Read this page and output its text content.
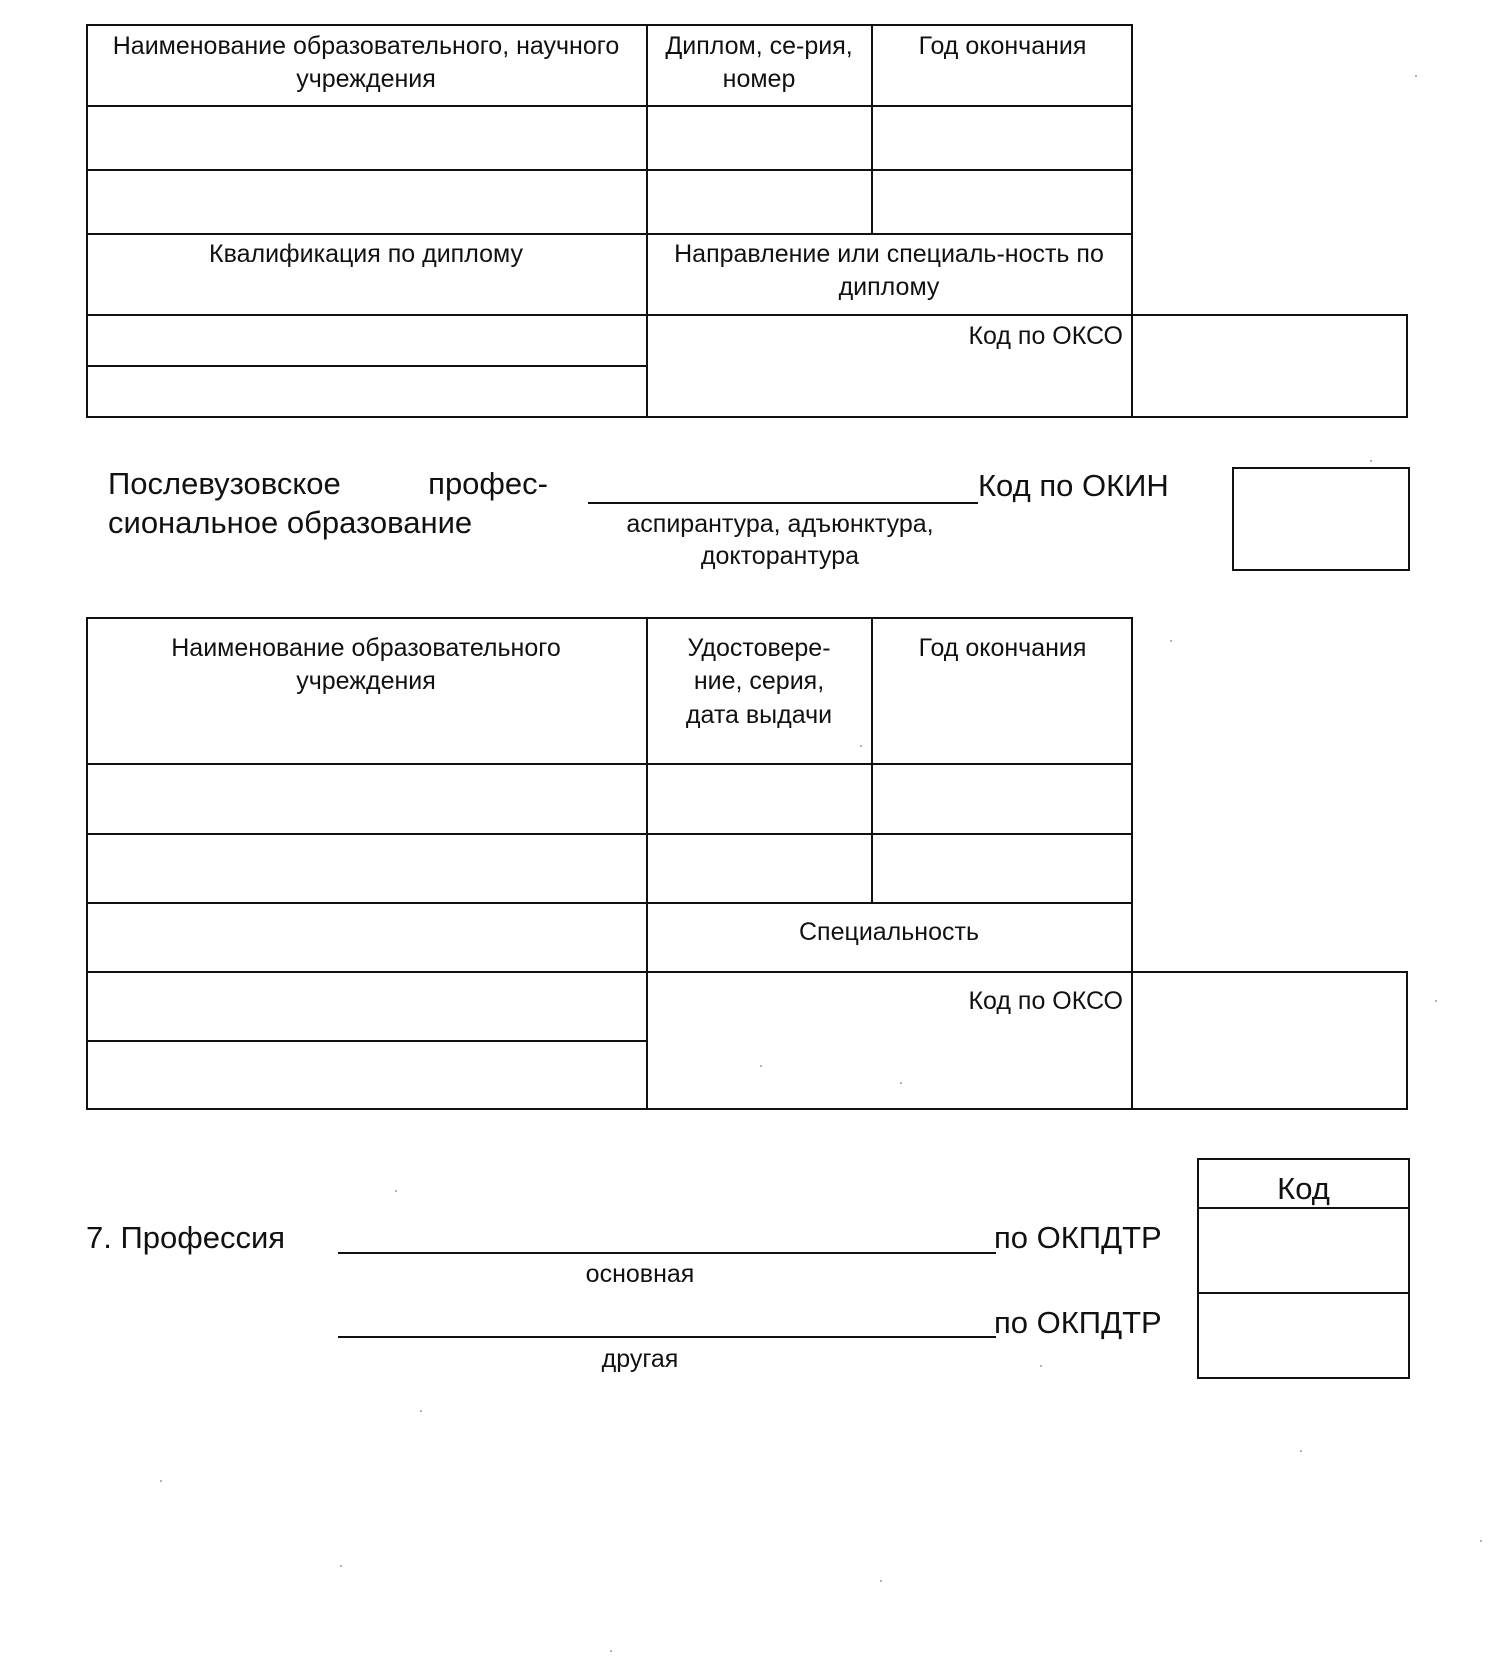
Наименование образовательного, научного учреждения
Диплом, се-рия, номер
Год окончания
Квалификация по диплому	Направление или специаль-ность по диплому
Код по ОКСО
Послевузовское профес-сиональное образование	аспирантура, адъюнктура, докторантура
Код по ОКИН
Наименование образовательного учреждения
Удостовере-ние, серия, дата выдачи
Год окончания
Специальность
Код по ОКСО
7. Профессия
основная
по ОКПДТР
другая
по ОКПДТР
Код
